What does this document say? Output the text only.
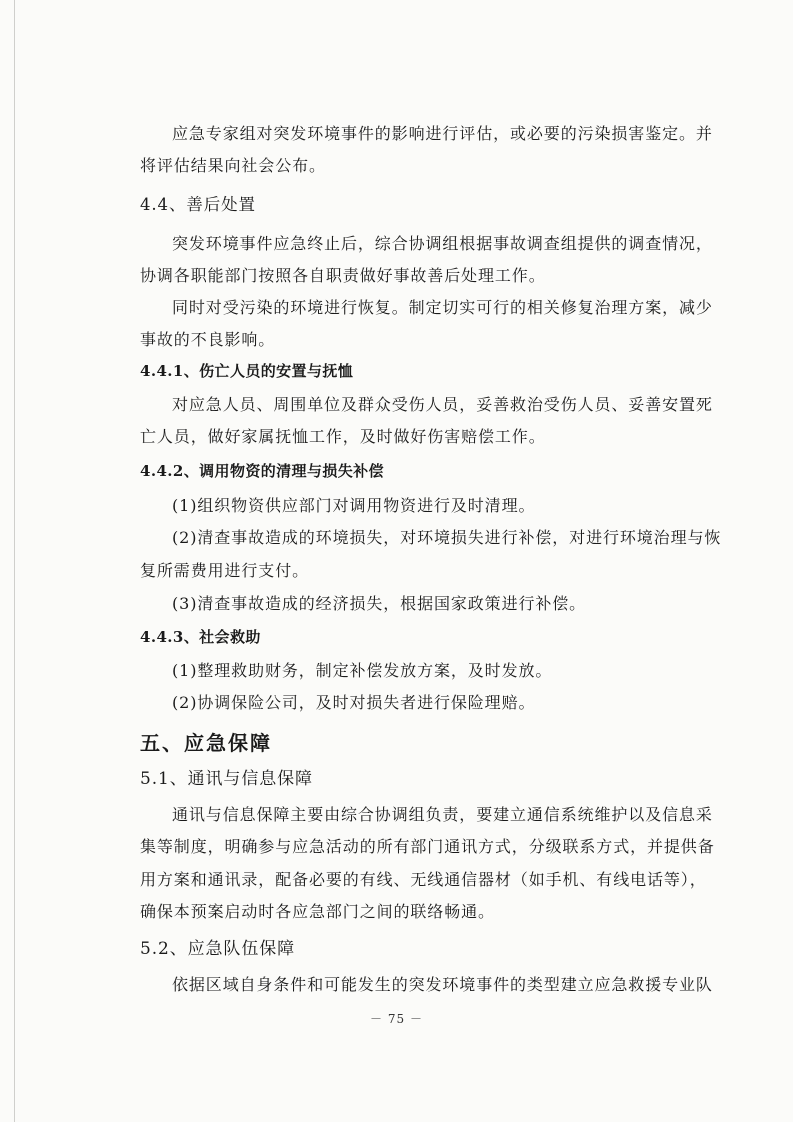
应急专家组对突发环境事件的影响进行评估，或必要的污染损害鉴定。并
将评估结果向社会公布。
4.4、善后处置
突发环境事件应急终止后，综合协调组根据事故调查组提供的调查情况，
协调各职能部门按照各自职责做好事故善后处理工作。
同时对受污染的环境进行恢复。制定切实可行的相关修复治理方案，减少
事故的不良影响。
4.4.1、伤亡人员的安置与抚恤
对应急人员、周围单位及群众受伤人员，妥善救治受伤人员、妥善安置死
亡人员，做好家属抚恤工作，及时做好伤害赔偿工作。
4.4.2、调用物资的清理与损失补偿
(1)组织物资供应部门对调用物资进行及时清理。
(2)清查事故造成的环境损失，对环境损失进行补偿，对进行环境治理与恢
复所需费用进行支付。
(3)清查事故造成的经济损失，根据国家政策进行补偿。
4.4.3、社会救助
(1)整理救助财务，制定补偿发放方案，及时发放。
(2)协调保险公司，及时对损失者进行保险理赔。
五、应急保障
5.1、通讯与信息保障
通讯与信息保障主要由综合协调组负责，要建立通信系统维护以及信息采
集等制度，明确参与应急活动的所有部门通讯方式，分级联系方式，并提供备
用方案和通讯录，配备必要的有线、无线通信器材（如手机、有线电话等），
确保本预案启动时各应急部门之间的联络畅通。
5.2、应急队伍保障
依据区域自身条件和可能发生的突发环境事件的类型建立应急救援专业队
－ 75 －
